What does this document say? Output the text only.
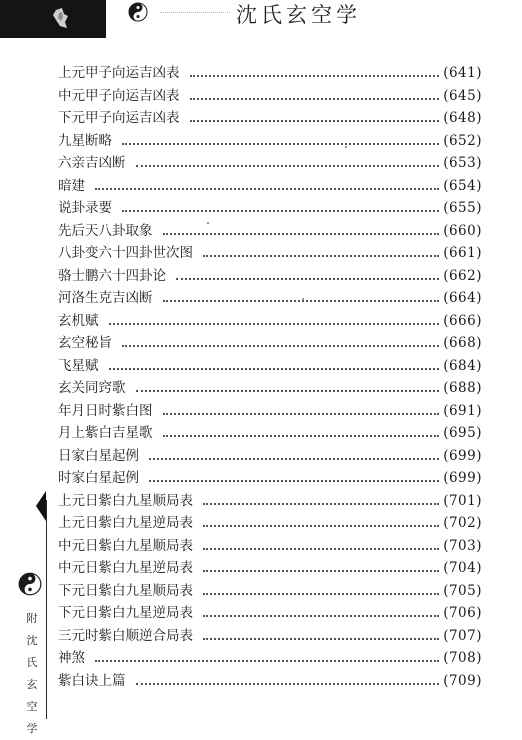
沈氏玄空学
上元甲子向运吉凶表	(641)
中元甲子向运吉凶表	(645)
下元甲子向运吉凶表	(648)
九星断略	(652)
六亲吉凶断	(653)
暗建	(654)
说卦录要	(655)
先后天八卦取象	(660)
八卦变六十四卦世次图	(661)
骆士鹏六十四卦论	(662)
河洛生克吉凶断	(664)
玄机赋	(666)
玄空秘旨	(668)
飞星赋	(684)
玄关同窍歌	(688)
年月日时紫白图	(691)
月上紫白吉星歌	(695)
日家白星起例	(699)
时家白星起例	(699)
上元日紫白九星顺局表	(701)
上元日紫白九星逆局表	(702)
中元日紫白九星顺局表	(703)
中元日紫白九星逆局表	(704)
下元日紫白九星顺局表	(705)
下元日紫白九星逆局表	(706)
三元时紫白顺逆合局表	(707)
神煞	(708)
紫白诀上篇	(709)
附
沈
氏
玄
空
学
